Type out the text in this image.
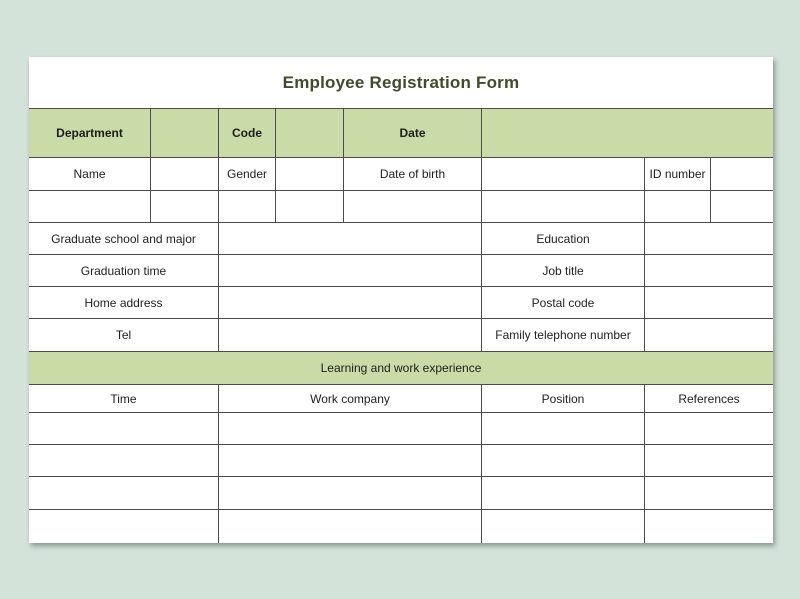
Employee Registration Form
Department	Code	Date
Name	Gender	Date of birth	ID number
Graduate school and major	Education
Graduation time	Job title
Home address	Postal code
Tel	Family telephone number
Learning and work experience
Time	Work company	Position	References
